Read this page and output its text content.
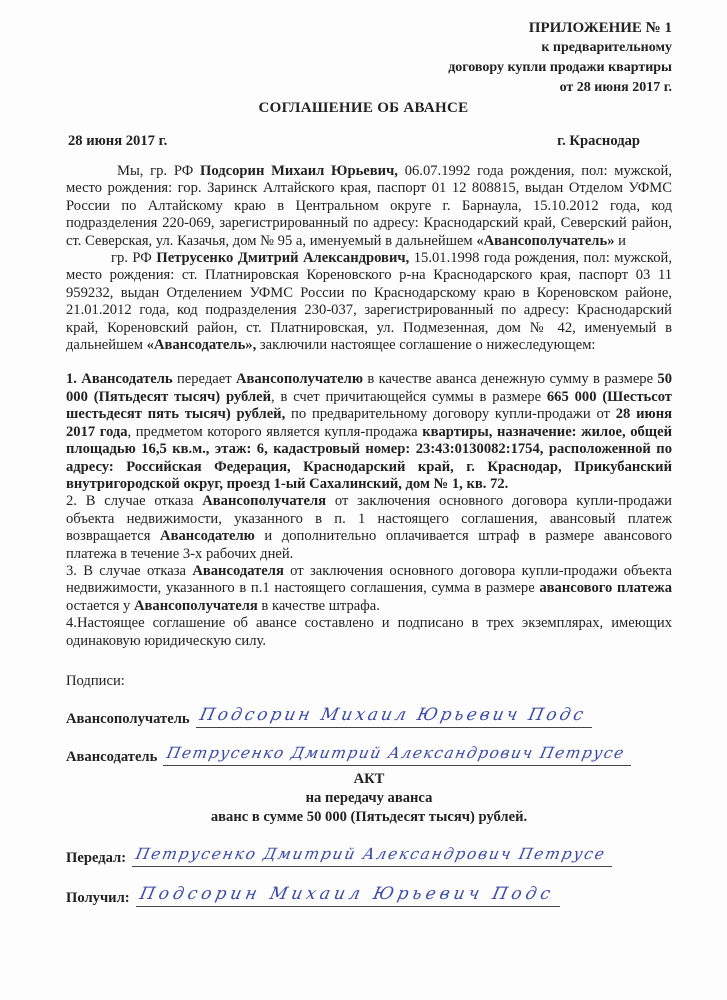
ПРИЛОЖЕНИЕ № 1
к предварительному
договору купли продажи квартиры
от 28 июня 2017 г.
СОГЛАШЕНИЕ ОБ АВАНСЕ
28 июня 2017 г.	г. Краснодар

Мы, гр. РФ Подсорин Михаил Юрьевич, 06.07.1992 года рождения, пол: мужской, место рождения: гор. Заринск Алтайского края, паспорт 01 12 808815, выдан Отделом УФМС России по Алтайскому краю в Центральном округе г. Барнаула, 15.10.2012 года, код подразделения 220-069, зарегистрированный по адресу: Краснодарский край, Северский район, ст. Северская, ул. Казачья, дом № 95 а, именуемый в дальнейшем «Авансополучатель» и

гр. РФ Петрусенко Дмитрий Александрович, 15.01.1998 года рождения, пол: мужской, место рождения: ст. Платнировская Кореновского р-на Краснодарского края, паспорт 03 11 959232, выдан Отделением УФМС России по Краснодарскому краю в Кореновском районе, 21.01.2012 года, код подразделения 230-037, зарегистрированный по адресу: Краснодарский край, Кореновский район, ст. Платнировская, ул. Подмезенная, дом № 42, именуемый в дальнейшем «Авансодатель», заключили настоящее соглашение о нижеследующем:

1. Авансодатель передает Авансополучателю в качестве аванса денежную сумму в размере 50 000 (Пятьдесят тысяч) рублей, в счет причитающейся суммы в размере 665 000 (Шестьсот шестьдесят пять тысяч) рублей, по предварительному договору купли-продажи от 28 июня 2017 года, предметом которого является купля-продажа квартиры, назначение: жилое, общей площадью 16,5 кв.м., этаж: 6, кадастровый номер: 23:43:0130082:1754, расположенной по адресу: Российская Федерация, Краснодарский край, г. Краснодар, Прикубанский внутригородской округ, проезд 1-ый Сахалинский, дом № 1, кв. 72.

2. В случае отказа Авансополучателя от заключения основного договора купли-продажи объекта недвижимости, указанного в п. 1 настоящего соглашения, авансовый платеж возвращается Авансодателю и дополнительно оплачивается штраф в размере авансового платежа в течение 3-х рабочих дней.

3. В случае отказа Авансодателя от заключения основного договора купли-продажи объекта недвижимости, указанного в п.1 настоящего соглашения, сумма в размере авансового платежа остается у Авансополучателя в качестве штрафа.

4.Настоящее соглашение об авансе составлено и подписано в трех экземплярах, имеющих одинаковую юридическую силу.

Подписи:
Авансополучатель Подсорин Михаил Юрьевич Подс
Авансодатель Петрусенко Дмитрий Александрович Петрусе
АКТ
на передачу аванса
аванс в сумме 50 000 (Пятьдесят тысяч) рублей.
Передал: Петрусенко Дмитрий Александрович Петрусе
Получил: Подсорин Михаил Юрьевич Подс
